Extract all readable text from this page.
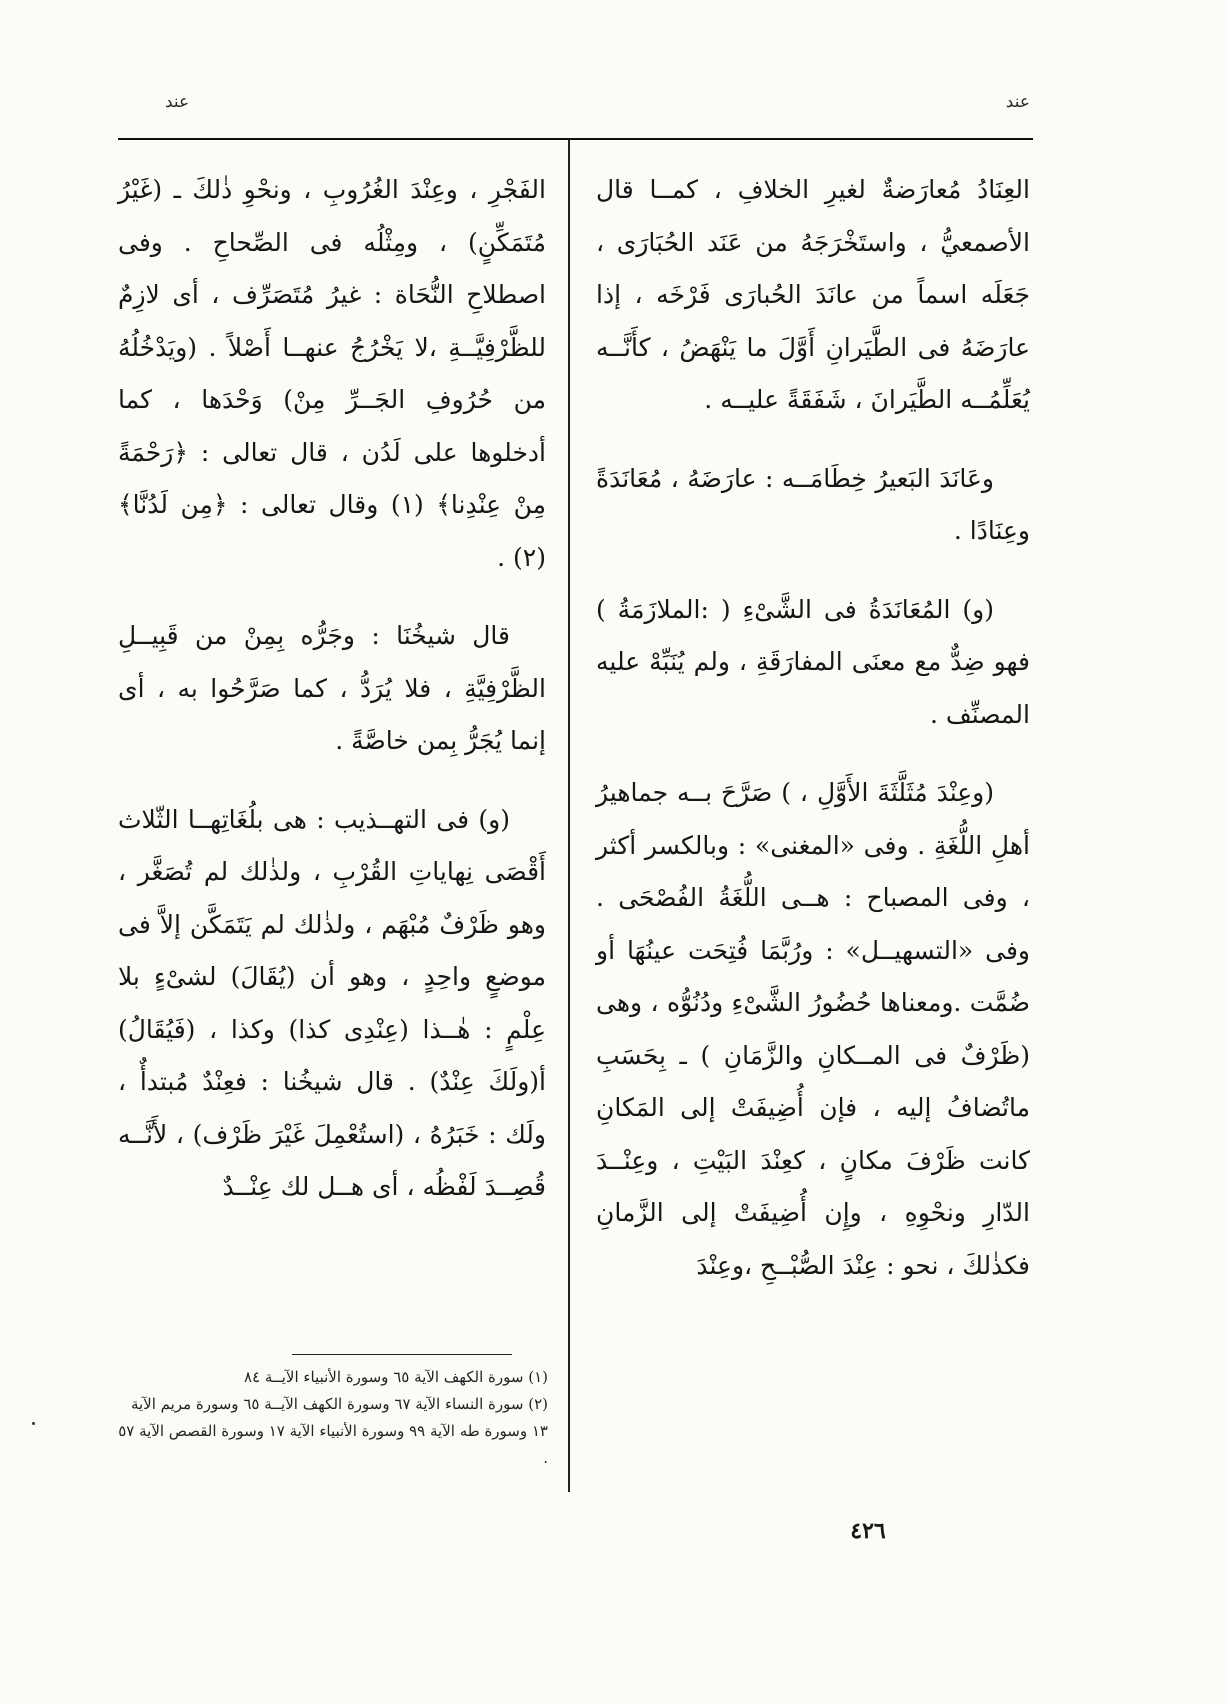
عند	عند

العِنَادُ مُعارَضةٌ لغيرِ الخلافِ ، كمــا قال الأصمعيُّ ، واستَخْرَجَهُ من عَنَد الحُبَارَى ، جَعَلَه اسماً من عانَدَ الحُبارَى فَرْخَه ، إذا عارَضَهُ فى الطَّيَرانِ أَوَّلَ ما يَنْهَضُ ، كأَنَّــه يُعَلِّمُــه الطَّيَرانَ ، شَفَقَةً عليــه .

وعَانَدَ البَعيرُ خِطَامَــه : عارَضَهُ ، مُعَانَدَةً وعِنَادًا .

(و) المُعَانَدَةُ فى الشَّىْءِ ( :الملازَمَةُ ) فهو ضِدٌّ مع معنَى المفارَقَةِ ، ولم يُنَبِّهْ عليه المصنِّف .

(وعِنْدَ مُثَلَّثَةَ الأَوَّلِ ، ) صَرَّحَ بــه جماهيرُ أهلِ اللُّغَةِ . وفى «المغنى» : وبالكسر أكثر ، وفى المصباح : هــى اللُّغَةُ الفُصْحَى . وفى «التسهيــل» : ورُبَّمَا فُتِحَت عينُهَا أو ضُمَّت .ومعناها حُضُورُ الشَّىْءِ ودُنُوُّه ، وهى (ظَرْفٌ فى المــكانِ والزَّمَانِ ) ـ بِحَسَبِ ماتُضافُ إليه ، فإن أُضِيفَتْ إلى المَكانِ كانت ظَرْفَ مكانٍ ، كعِنْدَ البَيْتِ ، وعِنْــدَ الدّارِ ونحْوِهِ ، وإِن أُضِيفَتْ إلى الزَّمانِ فكذٰلكَ ، نحو : عِنْدَ الصُّبْــحِ ،وعِنْدَ

الفَجْرِ ، وعِنْدَ الغُرُوبِ ، ونحْوِ ذٰلكَ ـ (غَيْرُ مُتَمَكِّنٍ) ، ومِثْلُه فى الصِّحاحِ . وفى اصطلاحِ النُّحَاة : غيرُ مُتَصَرِّف ، أى لازِمٌ للظَّرْفِيَّــةِ ،لا يَخْرُجُ عنهــا أَصْلاً . (ويَدْخُلُهُ من حُرُوفِ الجَــرِّ مِنْ) وَحْدَها ، كما أدخلوها على لَدُن ، قال تعالى : ﴿رَحْمَةً مِنْ عِنْدِنا﴾ (١) وقال تعالى : ﴿مِن لَدُنَّا﴾ (٢) .

قال شيخُنَا : وجَرُّه بِمِنْ من قَبِيــلِ الظَّرْفِيَّةِ ، فلا يُرَدُّ ، كما صَرَّحُوا به ، أى إنما يُجَرُّ بِمن خاصَّةً .

(و) فى التهــذيب : هى بلُغَاتِهــا الثّلاث أَقْصَى نِهاياتِ القُرْبِ ، ولذٰلك لم تُصَغَّر ، وهو ظَرْفٌ مُبْهَم ، ولذٰلك لم يَتَمَكَّن إلاَّ فى موضعٍ واحِدٍ ، وهو أن (يُقَالَ) لشىْءٍ بلا عِلْمٍ : هٰــذا (عِنْدِى كذا) وكذا ، (فَيُقَالُ) أ(ولَكَ عِنْدٌ) . قال شيخُنا : فعِنْدٌ مُبتدأٌ ، ولَك : خَبَرُهُ ، (استُعْمِلَ غَيْرَ ظَرْف) ، لأَنَّــه قُصِــدَ لَفْظُه ، أى هــل لك عِنْــدٌ

(١) سورة الكهف الآية ٦٥ وسورة الأنبياء الآيــة ٨٤

(٢) سورة النساء الآية ٦٧ وسورة الكهف الآيــة ٦٥ وسورة مريم الآية ١٣ وسورة طه الآية ٩٩ وسورة الأنبياء الآية ١٧ وسورة القصص الآية ٥٧ .

٤٢٦
